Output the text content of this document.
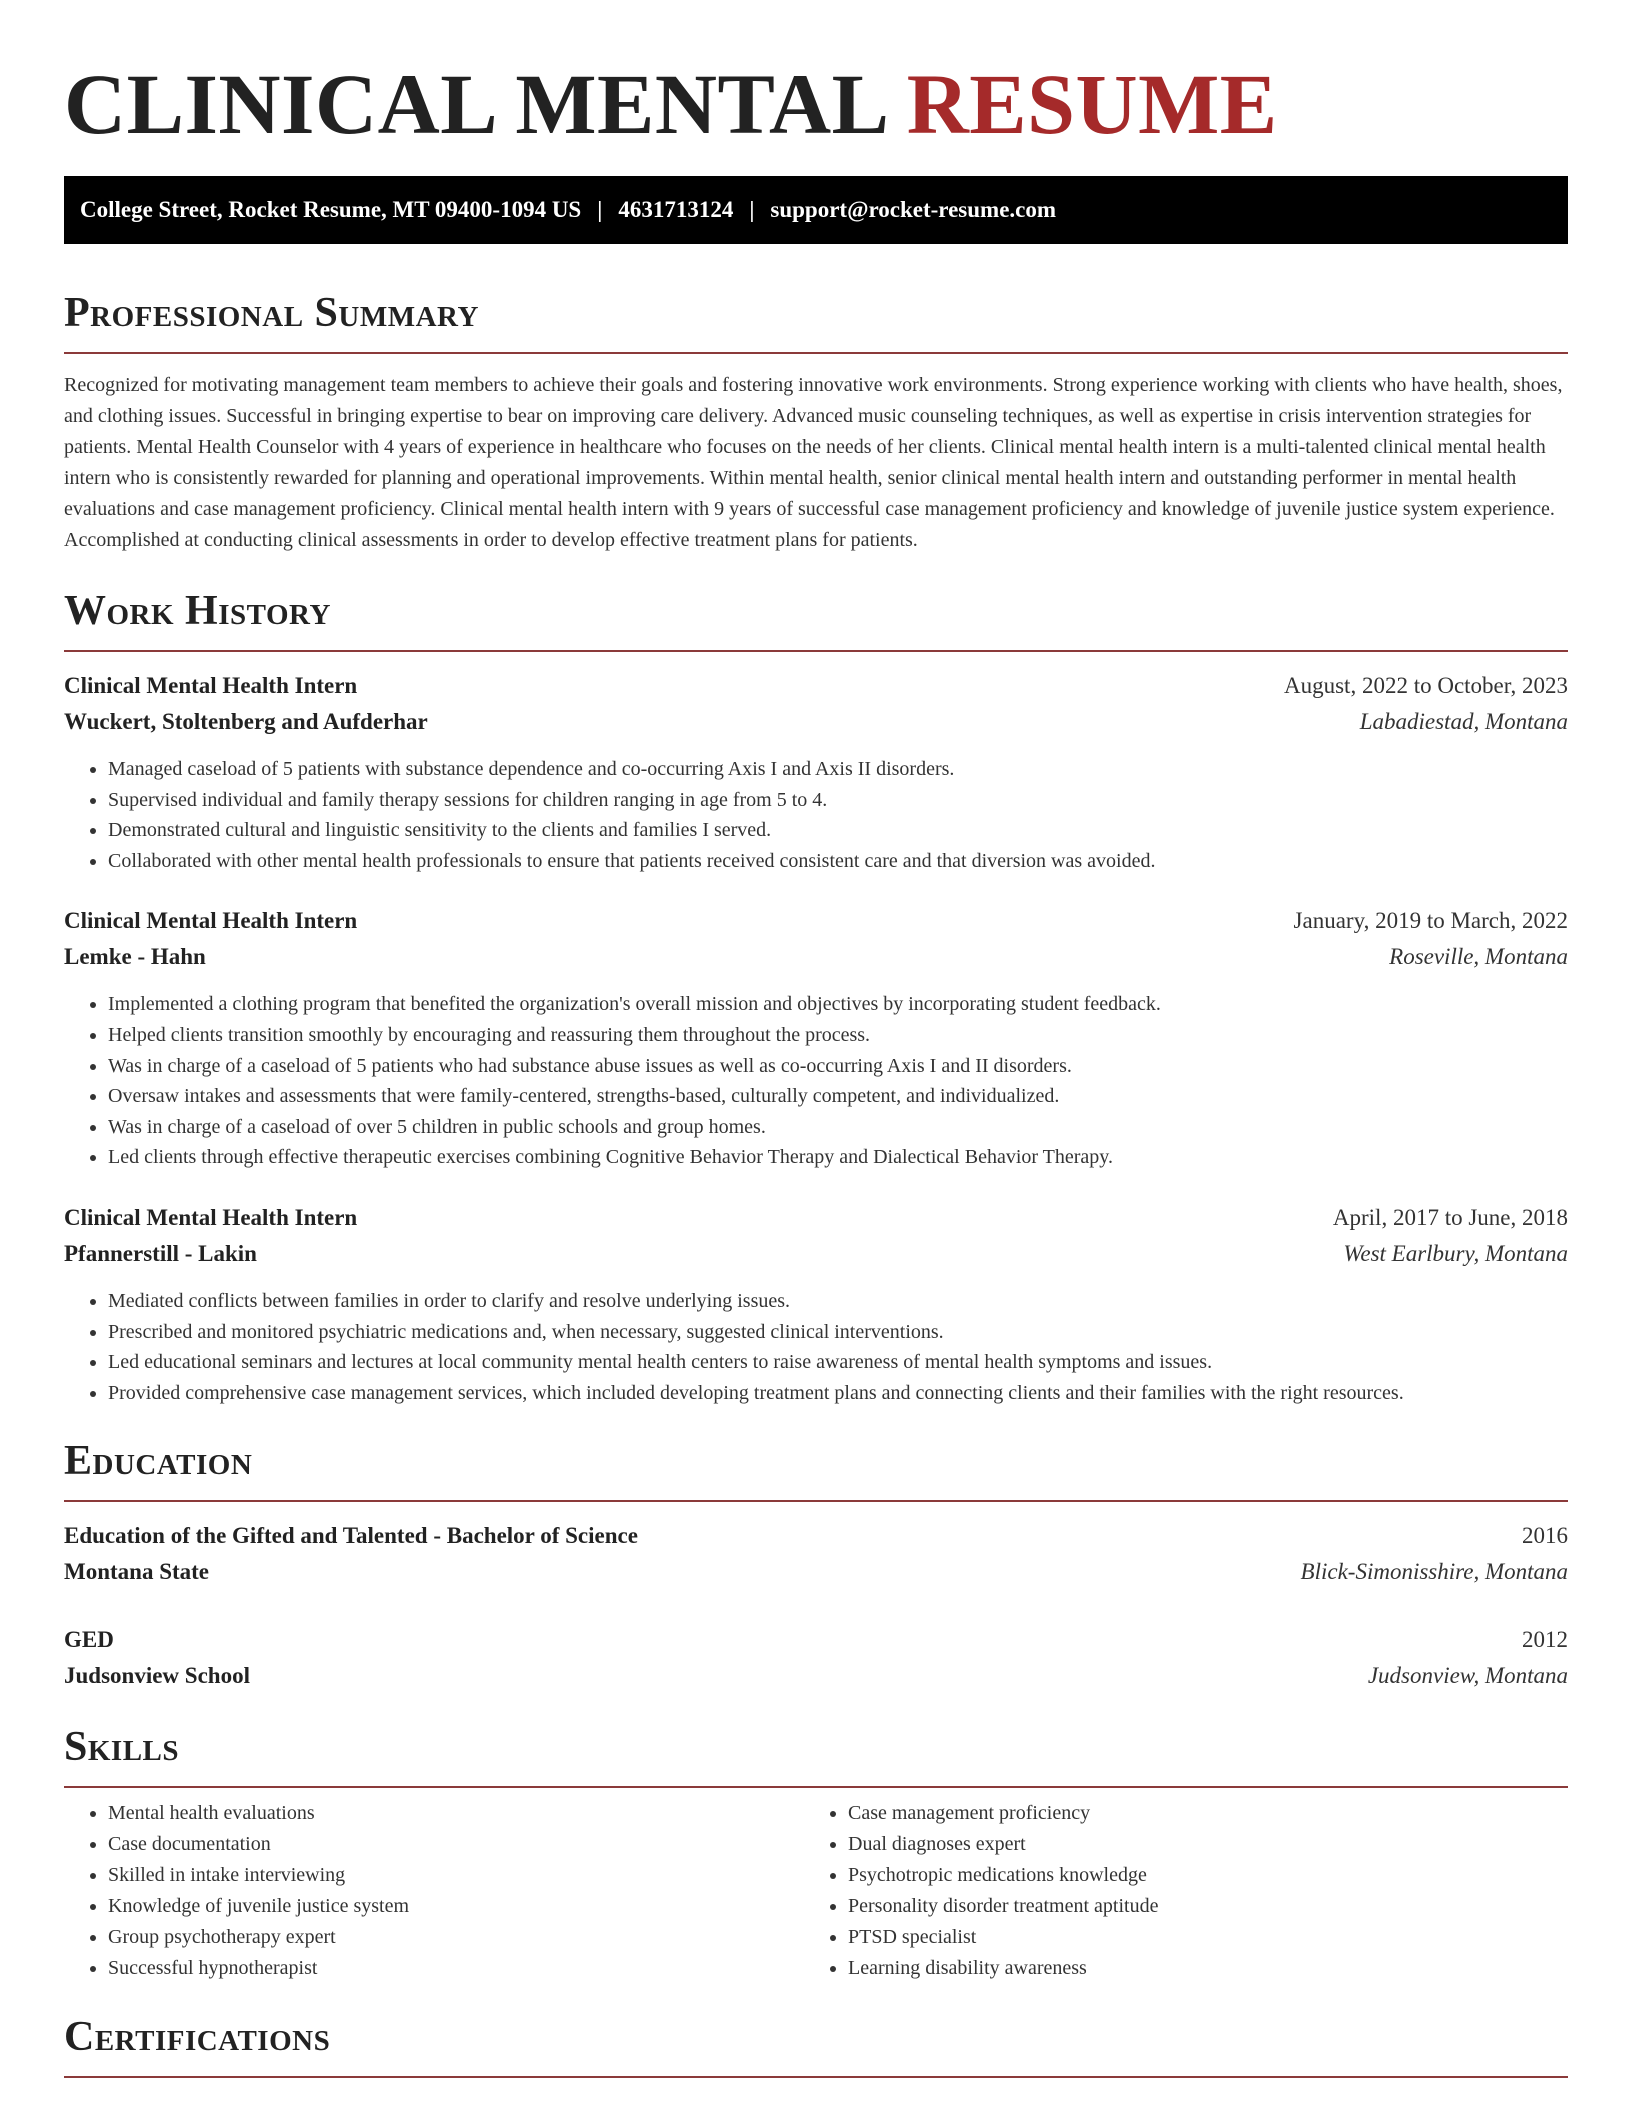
CLINICAL MENTAL RESUME
College Street, Rocket Resume, MT 09400-1094 US | 4631713124 | support@rocket-resume.com
Professional Summary

Recognized for motivating management team members to achieve their goals and fostering innovative work environments. Strong experience working with clients who have health, shoes, and clothing issues. Successful in bringing expertise to bear on improving care delivery. Advanced music counseling techniques, as well as expertise in crisis intervention strategies for patients. Mental Health Counselor with 4 years of experience in healthcare who focuses on the needs of her clients. Clinical mental health intern is a multi-talented clinical mental health intern who is consistently rewarded for planning and operational improvements. Within mental health, senior clinical mental health intern and outstanding performer in mental health evaluations and case management proficiency. Clinical mental health intern with 9 years of successful case management proficiency and knowledge of juvenile justice system experience. Accomplished at conducting clinical assessments in order to develop effective treatment plans for patients.

Work History
Clinical Mental Health Intern	August, 2022 to October, 2023
Wuckert, Stoltenberg and Aufderhar	Labadiestad, Montana
• Managed caseload of 5 patients with substance dependence and co-occurring Axis I and Axis II disorders.
• Supervised individual and family therapy sessions for children ranging in age from 5 to 4.
• Demonstrated cultural and linguistic sensitivity to the clients and families I served.
• Collaborated with other mental health professionals to ensure that patients received consistent care and that diversion was avoided.
Clinical Mental Health Intern	January, 2019 to March, 2022
Lemke - Hahn	Roseville, Montana
• Implemented a clothing program that benefited the organization's overall mission and objectives by incorporating student feedback.
• Helped clients transition smoothly by encouraging and reassuring them throughout the process.
• Was in charge of a caseload of 5 patients who had substance abuse issues as well as co-occurring Axis I and II disorders.
• Oversaw intakes and assessments that were family-centered, strengths-based, culturally competent, and individualized.
• Was in charge of a caseload of over 5 children in public schools and group homes.
• Led clients through effective therapeutic exercises combining Cognitive Behavior Therapy and Dialectical Behavior Therapy.
Clinical Mental Health Intern	April, 2017 to June, 2018
Pfannerstill - Lakin	West Earlbury, Montana
• Mediated conflicts between families in order to clarify and resolve underlying issues.
• Prescribed and monitored psychiatric medications and, when necessary, suggested clinical interventions.
• Led educational seminars and lectures at local community mental health centers to raise awareness of mental health symptoms and issues.
• Provided comprehensive case management services, which included developing treatment plans and connecting clients and their families with the right resources.
Education
Education of the Gifted and Talented - Bachelor of Science	2016
Montana State	Blick-Simonisshire, Montana
GED	2012
Judsonview School	Judsonview, Montana
Skills
• Mental health evaluations
• Case documentation
• Skilled in intake interviewing
• Knowledge of juvenile justice system
• Group psychotherapy expert
• Successful hypnotherapist
• Case management proficiency
• Dual diagnoses expert
• Psychotropic medications knowledge
• Personality disorder treatment aptitude
• PTSD specialist
• Learning disability awareness
Certifications
